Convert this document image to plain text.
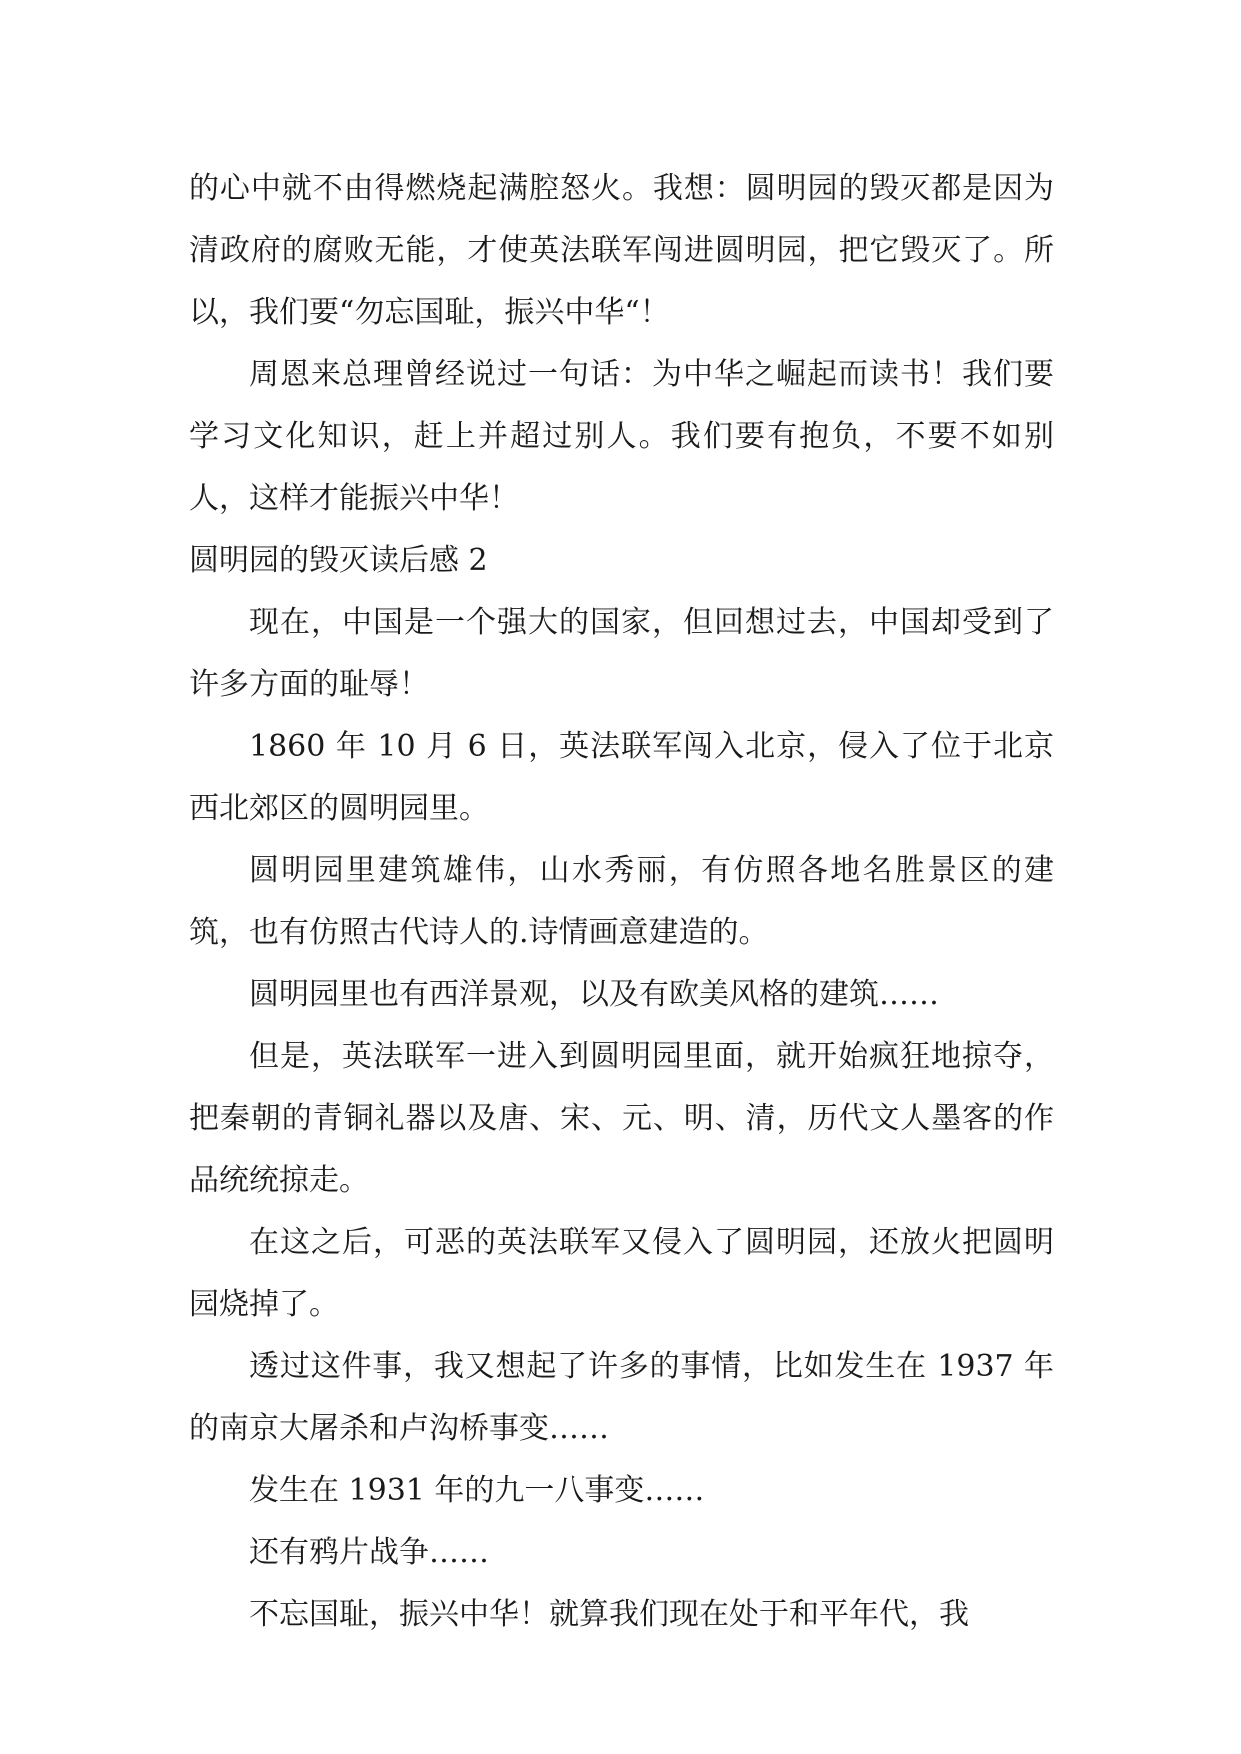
的心中就不由得燃烧起满腔怒火。我想：圆明园的毁灭都是因为清政府的腐败无能，才使英法联军闯进圆明园，把它毁灭了。所以，我们要“勿忘国耻，振兴中华“！

周恩来总理曾经说过一句话：为中华之崛起而读书！我们要学习文化知识，赶上并超过别人。我们要有抱负，不要不如别人，这样才能振兴中华！

圆明园的毁灭读后感 2

现在，中国是一个强大的国家，但回想过去，中国却受到了许多方面的耻辱！

1860 年 10 月 6 日，英法联军闯入北京，侵入了位于北京西北郊区的圆明园里。

圆明园里建筑雄伟，山水秀丽，有仿照各地名胜景区的建筑，也有仿照古代诗人的.诗情画意建造的。

圆明园里也有西洋景观，以及有欧美风格的建筑……

但是，英法联军一进入到圆明园里面，就开始疯狂地掠夺，把秦朝的青铜礼器以及唐、宋、元、明、清，历代文人墨客的作品统统掠走。

在这之后，可恶的英法联军又侵入了圆明园，还放火把圆明园烧掉了。

透过这件事，我又想起了许多的事情，比如发生在 1937 年的南京大屠杀和卢沟桥事变……

发生在 1931 年的九一八事变……

还有鸦片战争……

不忘国耻，振兴中华！就算我们现在处于和平年代，我
